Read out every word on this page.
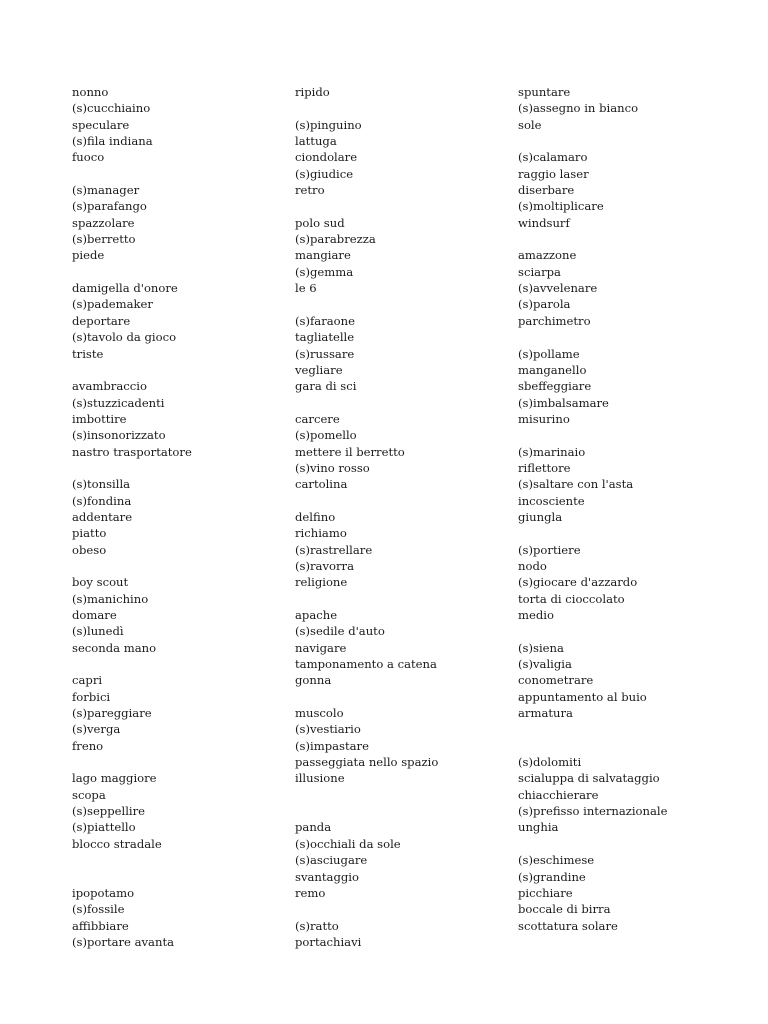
nonno
(s)cucchiaino
speculare
(s)fila indiana
fuoco
(s)manager
(s)parafango
spazzolare
(s)berretto
piede
damigella d'onore
(s)pademaker
deportare
(s)tavolo da gioco
triste
avambraccio
(s)stuzzicadenti
imbottire
(s)insonorizzato
nastro trasportatore
(s)tonsilla
(s)fondina
addentare
piatto
obeso
boy scout
(s)manichino
domare
(s)lunedì
seconda mano
capri
forbici
(s)pareggiare
(s)verga
freno
lago maggiore
scopa
(s)seppellire
(s)piattello
blocco stradale
ipopotamo
(s)fossile
affibbiare
(s)portare avanta
ripido
(s)pinguino
lattuga
ciondolare
(s)giudice
retro
polo sud
(s)parabrezza
mangiare
(s)gemma
le 6
(s)faraone
tagliatelle
(s)russare
vegliare
gara di sci
carcere
(s)pomello
mettere il berretto
(s)vino rosso
cartolina
delfino
richiamo
(s)rastrellare
(s)ravorra
religione
apache
(s)sedile d'auto
navigare
tamponamento a catena
gonna
muscolo
(s)vestiario
(s)impastare
passeggiata nello spazio
illusione
panda
(s)occhiali da sole
(s)asciugare
svantaggio
remo
(s)ratto
portachiavi
spuntare
(s)assegno in bianco
sole
(s)calamaro
raggio laser
diserbare
(s)moltiplicare
windsurf
amazzone
sciarpa
(s)avvelenare
(s)parola
parchimetro
(s)pollame
manganello
sbeffeggiare
(s)imbalsamare
misurino
(s)marinaio
riflettore
(s)saltare con l'asta
incosciente
giungla
(s)portiere
nodo
(s)giocare d'azzardo
torta di cioccolato
medio
(s)siena
(s)valigia
conometrare
appuntamento al buio
armatura
(s)dolomiti
scialuppa di salvataggio
chiacchierare
(s)prefisso internazionale
unghia
(s)eschimese
(s)grandine
picchiare
boccale di birra
scottatura solare
